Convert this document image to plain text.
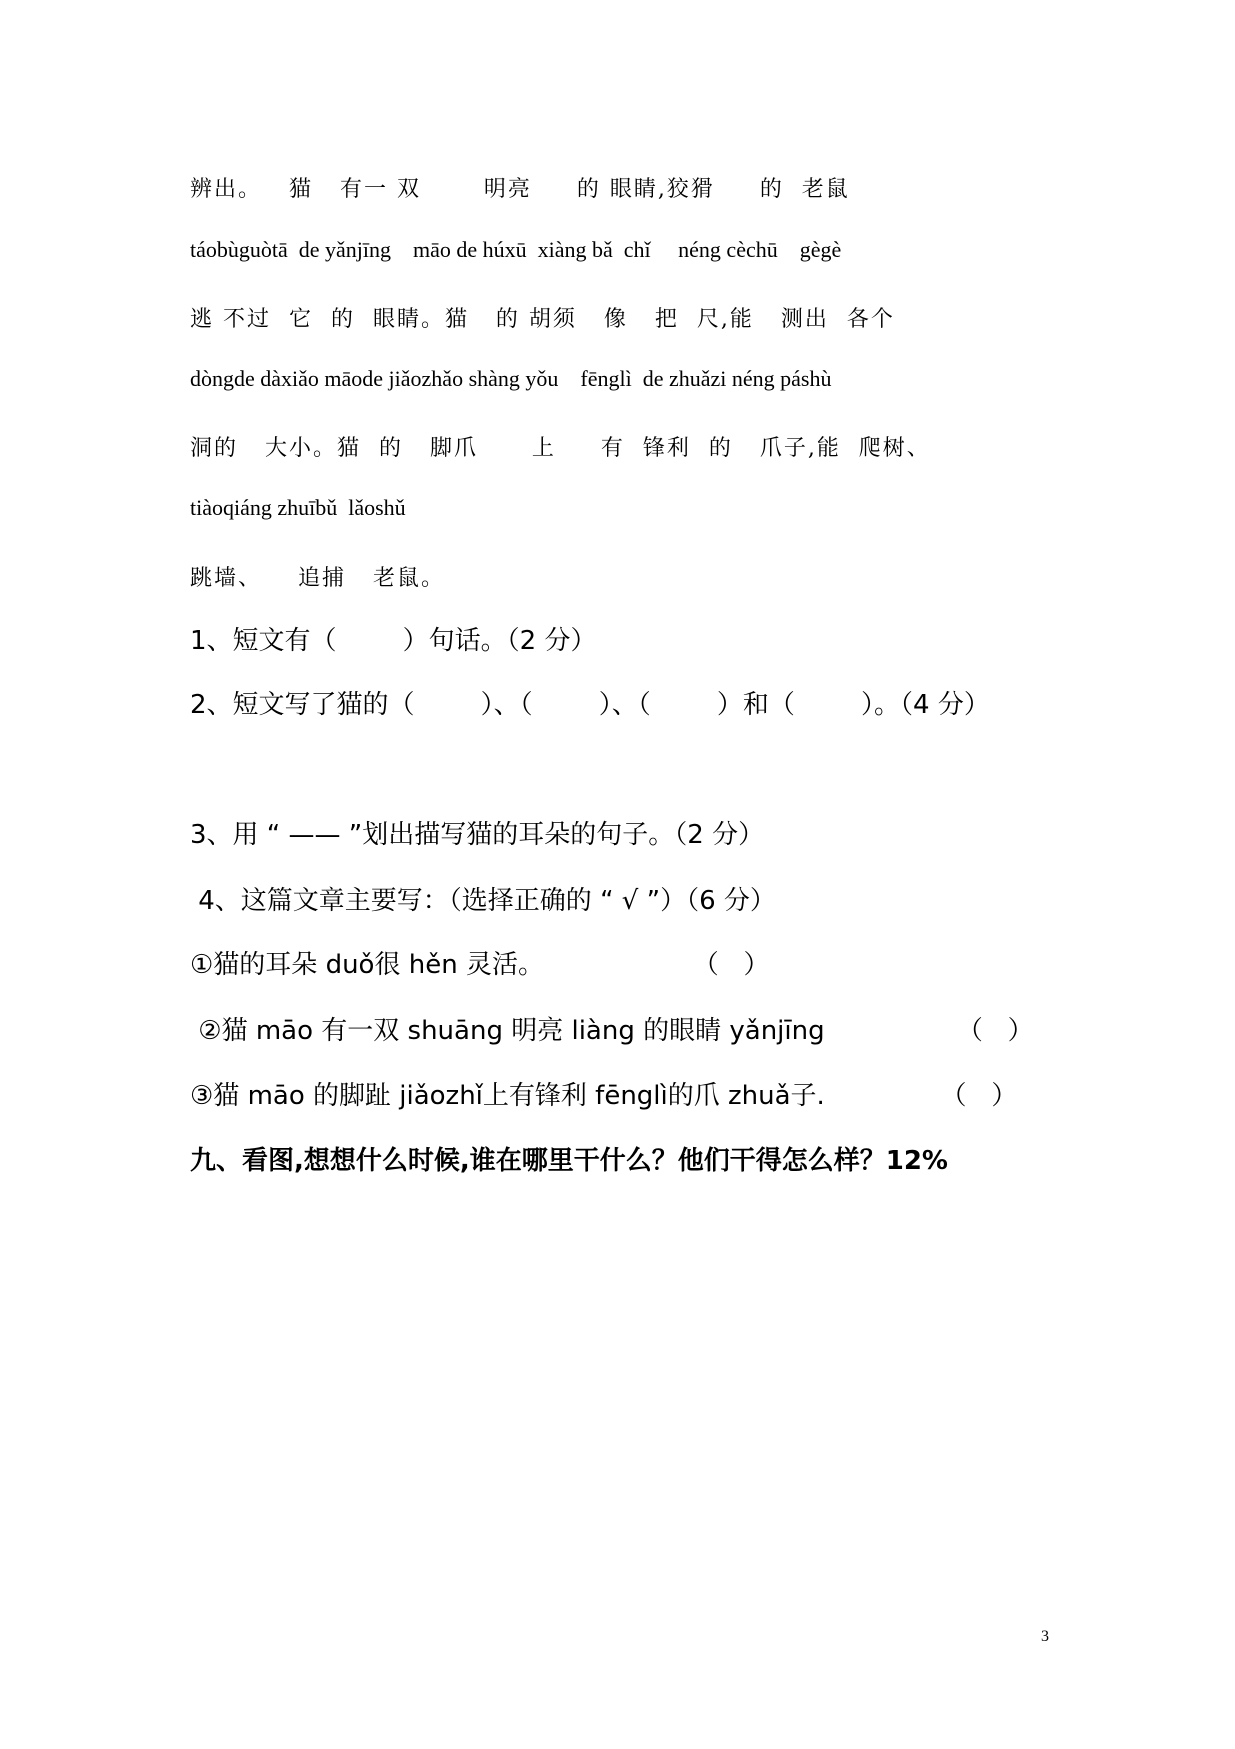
辨出。   猫   有一 双       明亮     的 眼睛,狡猾     的  老鼠

táobùguòtā  de yǎnjīng    māo de húxū  xiàng bǎ  chǐ     néng cèchū    gègè

逃 不过  它  的  眼睛。猫   的 胡须   像   把  尺,能   测出  各个

dòngde dàxiǎo māode jiǎozhǎo shàng yǒu    fēnglì  de zhuǎzi néng páshù

洞的   大小。猫  的   脚爪      上     有  锋利  的   爪子,能  爬树、

tiàoqiáng zhuībǔ  lǎoshǔ

跳墙、    追捕   老鼠。

1、短文有（        ）句话。（2 分）

2、短文写了猫的（        ）、（        ）、（        ）和（        ）。（4 分）

3、用 “ —— ”划出描写猫的耳朵的句子。（2 分）

4、这篇文章主要写：（选择正确的 “ √ ”）（6 分）

①猫的耳朵 duǒ很 hěn 灵活。                  （   ）

②猫 māo 有一双 shuāng 明亮 liàng 的眼睛 yǎnjīng                （   ）

③猫 māo 的脚趾 jiǎozhǐ上有锋利 fēnglì的爪 zhuǎ子.              （   ）

九、看图,想想什么时候,谁在哪里干什么？他们干得怎么样？12%

3
